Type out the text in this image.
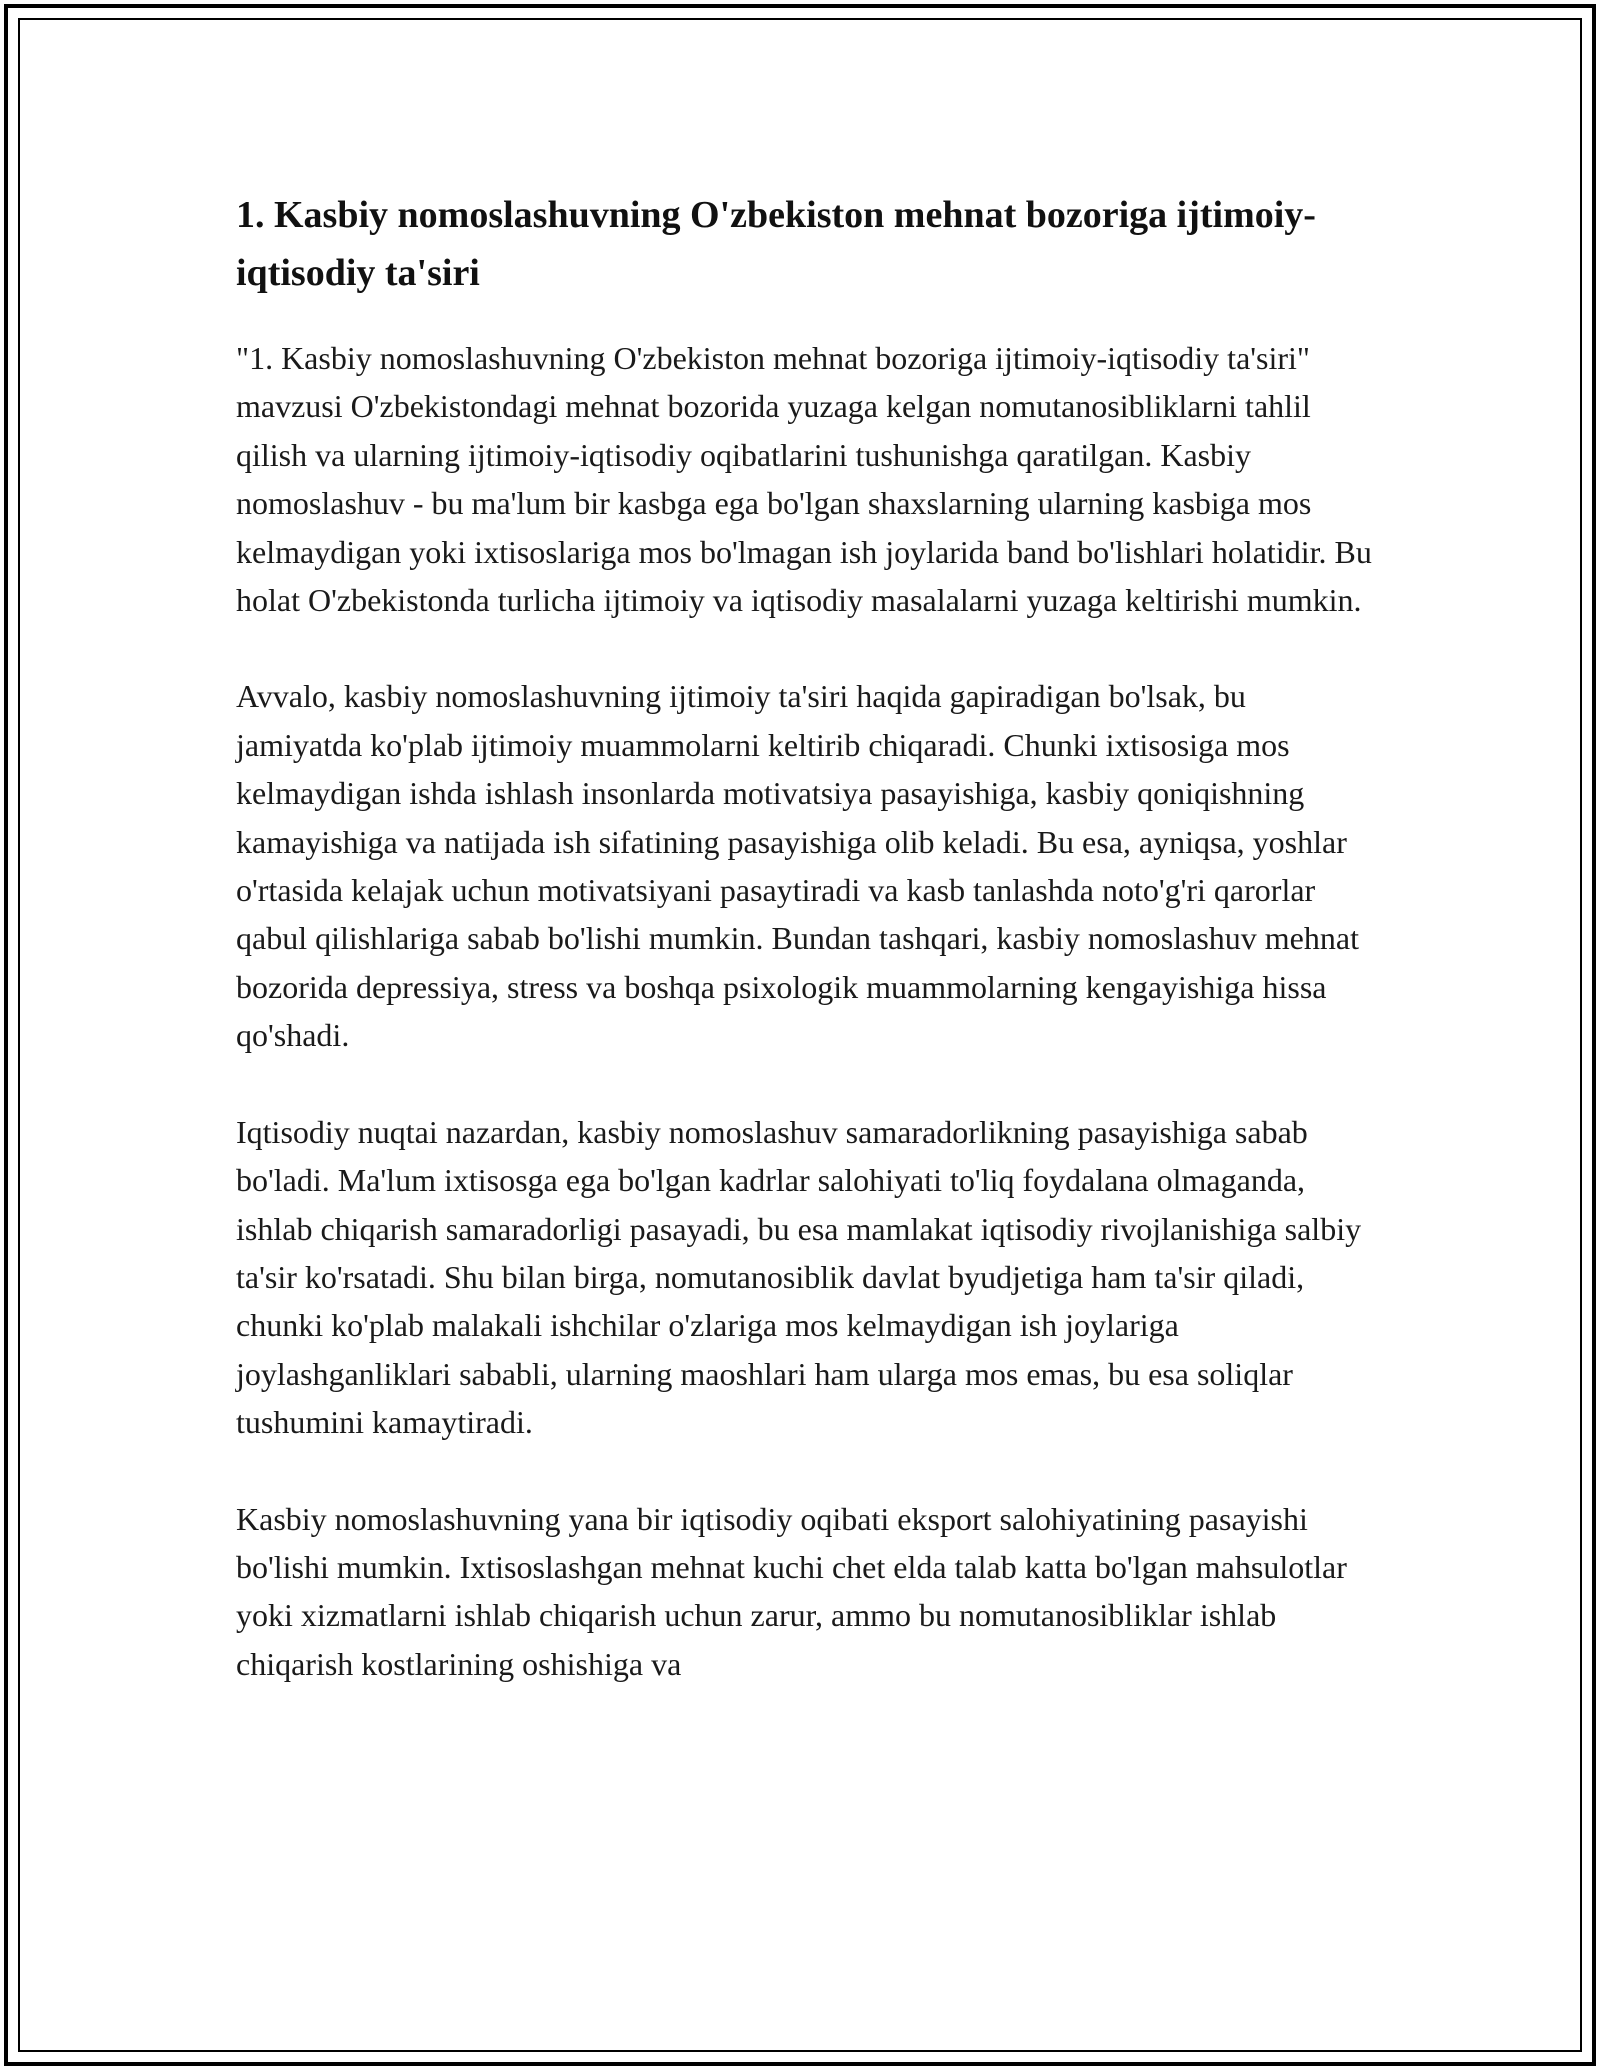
1. Kasbiy nomoslashuvning O'zbekiston mehnat bozoriga ijtimoiy-iqtisodiy ta'siri

"1. Kasbiy nomoslashuvning O'zbekiston mehnat bozoriga ijtimoiy-iqtisodiy ta'siri" mavzusi O'zbekistondagi mehnat bozorida yuzaga kelgan nomutanosibliklarni tahlil qilish va ularning ijtimoiy-iqtisodiy oqibatlarini tushunishga qaratilgan. Kasbiy nomoslashuv - bu ma'lum bir kasbga ega bo'lgan shaxslarning ularning kasbiga mos kelmaydigan yoki ixtisoslariga mos bo'lmagan ish joylarida band bo'lishlari holatidir. Bu holat O'zbekistonda turlicha ijtimoiy va iqtisodiy masalalarni yuzaga keltirishi mumkin.

Avvalo, kasbiy nomoslashuvning ijtimoiy ta'siri haqida gapiradigan bo'lsak, bu jamiyatda ko'plab ijtimoiy muammolarni keltirib chiqaradi. Chunki ixtisosiga mos kelmaydigan ishda ishlash insonlarda motivatsiya pasayishiga, kasbiy qoniqishning kamayishiga va natijada ish sifatining pasayishiga olib keladi. Bu esa, ayniqsa, yoshlar o'rtasida kelajak uchun motivatsiyani pasaytiradi va kasb tanlashda noto'g'ri qarorlar qabul qilishlariga sabab bo'lishi mumkin. Bundan tashqari, kasbiy nomoslashuv mehnat bozorida depressiya, stress va boshqa psixologik muammolarning kengayishiga hissa qo'shadi.

Iqtisodiy nuqtai nazardan, kasbiy nomoslashuv samaradorlikning pasayishiga sabab bo'ladi. Ma'lum ixtisosga ega bo'lgan kadrlar salohiyati to'liq foydalana olmaganda, ishlab chiqarish samaradorligi pasayadi, bu esa mamlakat iqtisodiy rivojlanishiga salbiy ta'sir ko'rsatadi. Shu bilan birga, nomutanosiblik davlat byudjetiga ham ta'sir qiladi, chunki ko'plab malakali ishchilar o'zlariga mos kelmaydigan ish joylariga joylashganliklari sababli, ularning maoshlari ham ularga mos emas, bu esa soliqlar tushumini kamaytiradi.

Kasbiy nomoslashuvning yana bir iqtisodiy oqibati eksport salohiyatining pasayishi bo'lishi mumkin. Ixtisoslashgan mehnat kuchi chet elda talab katta bo'lgan mahsulotlar yoki xizmatlarni ishlab chiqarish uchun zarur, ammo bu nomutanosibliklar ishlab chiqarish kostlarining oshishiga va
